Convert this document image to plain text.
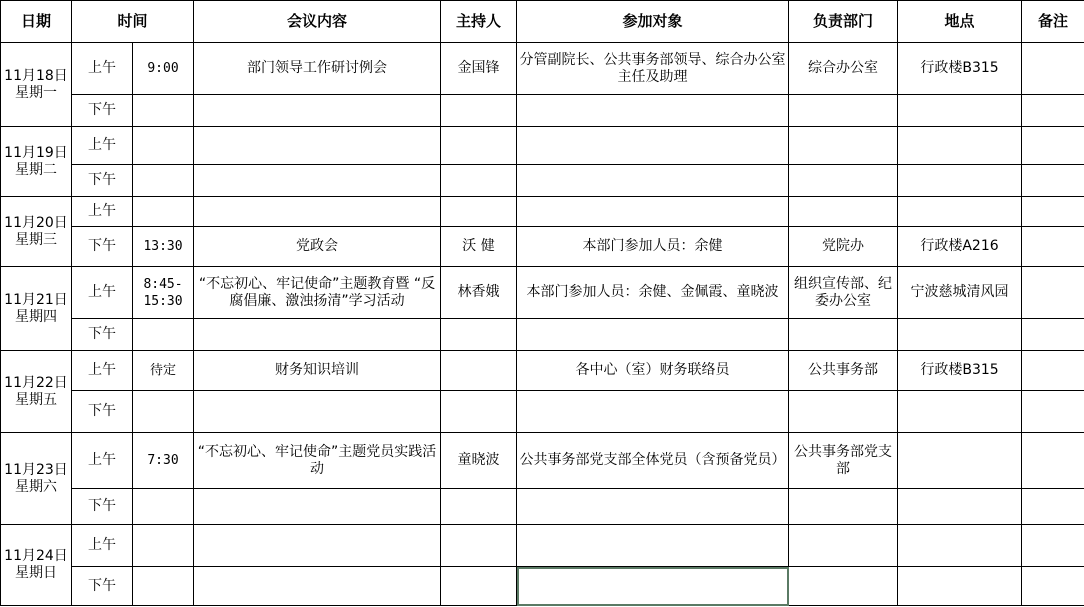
日期	时间		会议内容	主持人	参加对象	负责部门	地点	备注

11月18日
星期一	上午	9:00	部门领导工作研讨例会	金国锋	分管副院长、公共事务部领导、综合办公室主任及助理	综合办公室	行政楼B315	
	下午							

11月19日
星期二	上午							
	下午							

11月20日
星期三	上午							
	下午	13:30	党政会	沃 健	本部门参加人员：余健	党院办	行政楼A216	

11月21日
星期四	上午	8:45-15:30	“不忘初心、牢记使命”主题教育暨 “反腐倡廉、激浊扬清”学习活动	林香娥	本部门参加人员：余健、金佩霞、童晓波	组织宣传部、纪委办公室	宁波慈城清风园	
	下午							

11月22日
星期五	上午	待定	财务知识培训		各中心（室）财务联络员	公共事务部	行政楼B315	
	下午							

11月23日
星期六	上午	7:30	“不忘初心、牢记使命”主题党员实践活动	童晓波	公共事务部党支部全体党员（含预备党员）	公共事务部党支部		
	下午							

11月24日
星期日	上午							
	下午							
